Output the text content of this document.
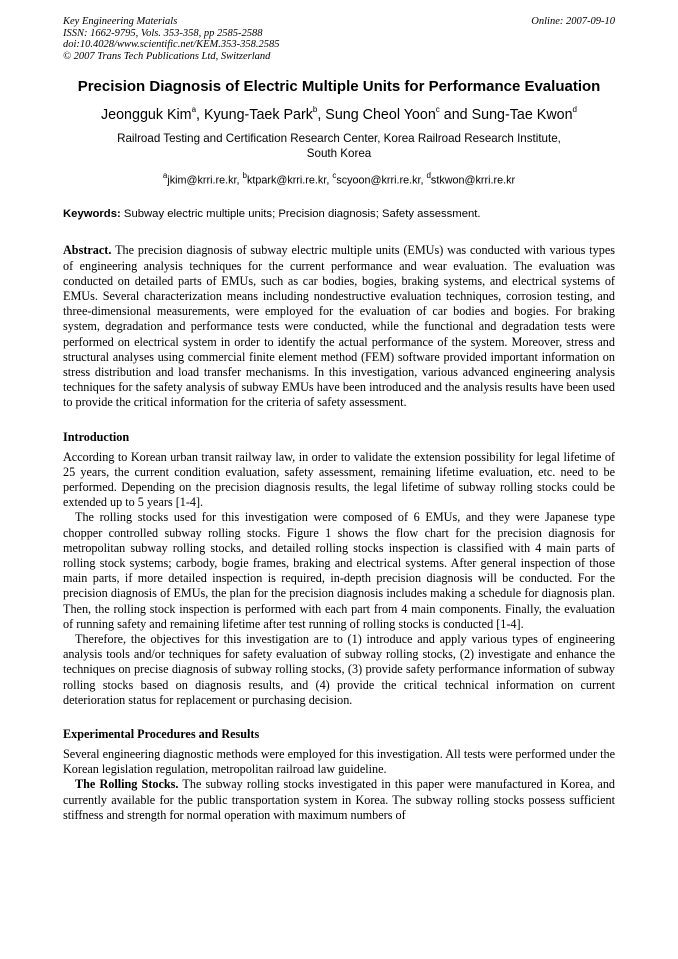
Key Engineering Materials
ISSN: 1662-9795, Vols. 353-358, pp 2585-2588
doi:10.4028/www.scientific.net/KEM.353-358.2585
© 2007 Trans Tech Publications Ltd, Switzerland
Online: 2007-09-10
Precision Diagnosis of Electric Multiple Units for Performance Evaluation
Jeongguk Kim$^a$, Kyung-Taek Park$^b$, Sung Cheol Yoon$^c$ and Sung-Tae Kwon$^d$
Railroad Testing and Certification Research Center, Korea Railroad Research Institute, South Korea
$^a$jkim@krri.re.kr, $^b$ktpark@krri.re.kr, $^c$scyoon@krri.re.kr, $^d$stkwon@krri.re.kr
Keywords: Subway electric multiple units; Precision diagnosis; Safety assessment.
Abstract. The precision diagnosis of subway electric multiple units (EMUs) was conducted with various types of engineering analysis techniques for the current performance and wear evaluation. The evaluation was conducted on detailed parts of EMUs, such as car bodies, bogies, braking systems, and electrical systems of EMUs. Several characterization means including nondestructive evaluation techniques, corrosion testing, and three-dimensional measurements, were employed for the evaluation of car bodies and bogies. For braking system, degradation and performance tests were conducted, while the functional and degradation tests were performed on electrical system in order to identify the actual performance of the system. Moreover, stress and structural analyses using commercial finite element method (FEM) software provided important information on stress distribution and load transfer mechanisms. In this investigation, various advanced engineering analysis techniques for the safety analysis of subway EMUs have been introduced and the analysis results have been used to provide the critical information for the criteria of safety assessment.
Introduction

According to Korean urban transit railway law, in order to validate the extension possibility for legal lifetime of 25 years, the current condition evaluation, safety assessment, remaining lifetime evaluation, etc. need to be performed. Depending on the precision diagnosis results, the legal lifetime of subway rolling stocks could be extended up to 5 years [1-4].

The rolling stocks used for this investigation were composed of 6 EMUs, and they were Japanese type chopper controlled subway rolling stocks. Figure 1 shows the flow chart for the precision diagnosis for metropolitan subway rolling stocks, and detailed rolling stocks inspection is classified with 4 main parts of rolling stock systems; carbody, bogie frames, braking and electrical systems. After general inspection of those main parts, if more detailed inspection is required, in-depth precision diagnosis will be conducted. For the precision diagnosis of EMUs, the plan for the precision diagnosis includes making a schedule for diagnosis plan. Then, the rolling stock inspection is performed with each part from 4 main components. Finally, the evaluation of running safety and remaining lifetime after test running of rolling stocks is conducted [1-4].

Therefore, the objectives for this investigation are to (1) introduce and apply various types of engineering analysis tools and/or techniques for safety evaluation of subway rolling stocks, (2) investigate and enhance the techniques on precise diagnosis of subway rolling stocks, (3) provide safety performance information of subway rolling stocks based on diagnosis results, and (4) provide the critical technical information on current deterioration status for replacement or purchasing decision.

Experimental Procedures and Results

Several engineering diagnostic methods were employed for this investigation. All tests were performed under the Korean legislation regulation, metropolitan railroad law guideline.

The Rolling Stocks. The subway rolling stocks investigated in this paper were manufactured in Korea, and currently available for the public transportation system in Korea. The subway rolling stocks possess sufficient stiffness and strength for normal operation with maximum numbers of
